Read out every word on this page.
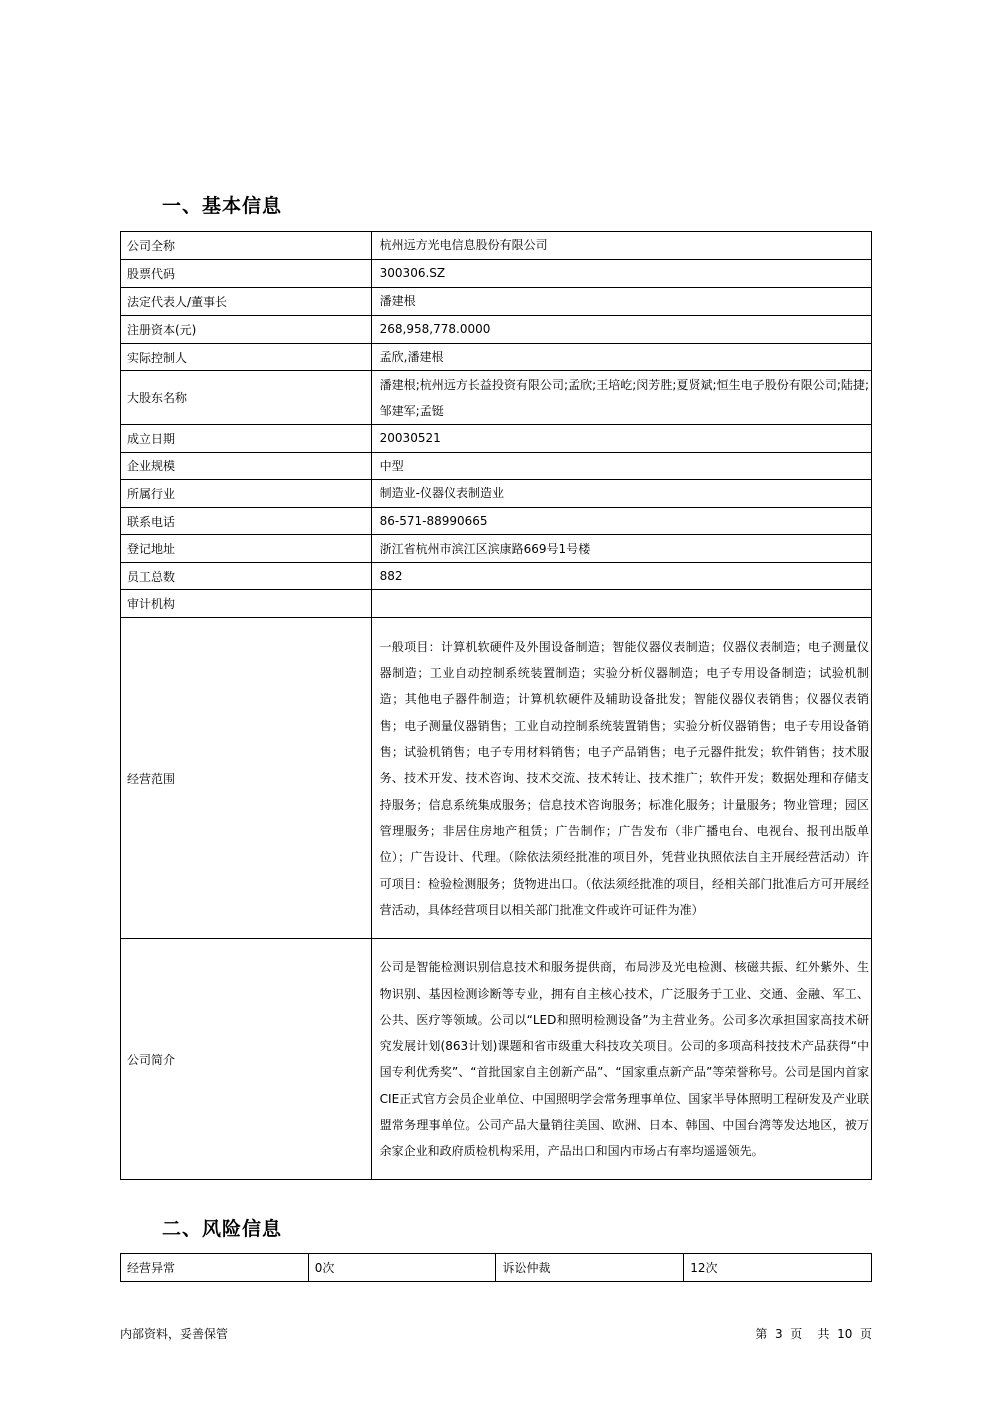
一、基本信息
公司全称	杭州远方光电信息股份有限公司
股票代码	300306.SZ
法定代表人/董事长	潘建根
注册资本(元)	268,958,778.0000
实际控制人	孟欣,潘建根
大股东名称	潘建根;杭州远方长益投资有限公司;孟欣;王培屹;闵芳胜;夏贤斌;恒生电子股份有限公司;陆捷;邹建军;孟铤
成立日期	20030521
企业规模	中型
所属行业	制造业-仪器仪表制造业
联系电话	86-571-88990665
登记地址	浙江省杭州市滨江区滨康路669号1号楼
员工总数	882
审计机构	
经营范围	一般项目：计算机软硬件及外围设备制造；智能仪器仪表制造；仪器仪表制造；电子测量仪器制造；工业自动控制系统装置制造；实验分析仪器制造；电子专用设备制造；试验机制造；其他电子器件制造；计算机软硬件及辅助设备批发；智能仪器仪表销售；仪器仪表销售；电子测量仪器销售；工业自动控制系统装置销售；实验分析仪器销售；电子专用设备销售；试验机销售；电子专用材料销售；电子产品销售；电子元器件批发；软件销售；技术服务、技术开发、技术咨询、技术交流、技术转让、技术推广；软件开发；数据处理和存储支持服务；信息系统集成服务；信息技术咨询服务；标准化服务；计量服务；物业管理；园区管理服务；非居住房地产租赁；广告制作；广告发布（非广播电台、电视台、报刊出版单位）；广告设计、代理。（除依法须经批准的项目外，凭营业执照依法自主开展经营活动）许可项目：检验检测服务；货物进出口。（依法须经批准的项目，经相关部门批准后方可开展经营活动，具体经营项目以相关部门批准文件或许可证件为准）
公司简介	公司是智能检测识别信息技术和服务提供商，布局涉及光电检测、核磁共振、红外紫外、生物识别、基因检测诊断等专业，拥有自主核心技术，广泛服务于工业、交通、金融、军工、公共、医疗等领域。公司以“LED和照明检测设备”为主营业务。公司多次承担国家高技术研究发展计划(863计划)课题和省市级重大科技攻关项目。公司的多项高科技技术产品获得“中国专利优秀奖”、“首批国家自主创新产品”、“国家重点新产品”等荣誉称号。公司是国内首家CIE正式官方会员企业单位、中国照明学会常务理事单位、国家半导体照明工程研发及产业联盟常务理事单位。公司产品大量销往美国、欧洲、日本、韩国、中国台湾等发达地区，被万余家企业和政府质检机构采用，产品出口和国内市场占有率均遥遥领先。
二、风险信息
经营异常	0次	诉讼仲裁	12次
内部资料，妥善保管	第  3  页    共  10  页
